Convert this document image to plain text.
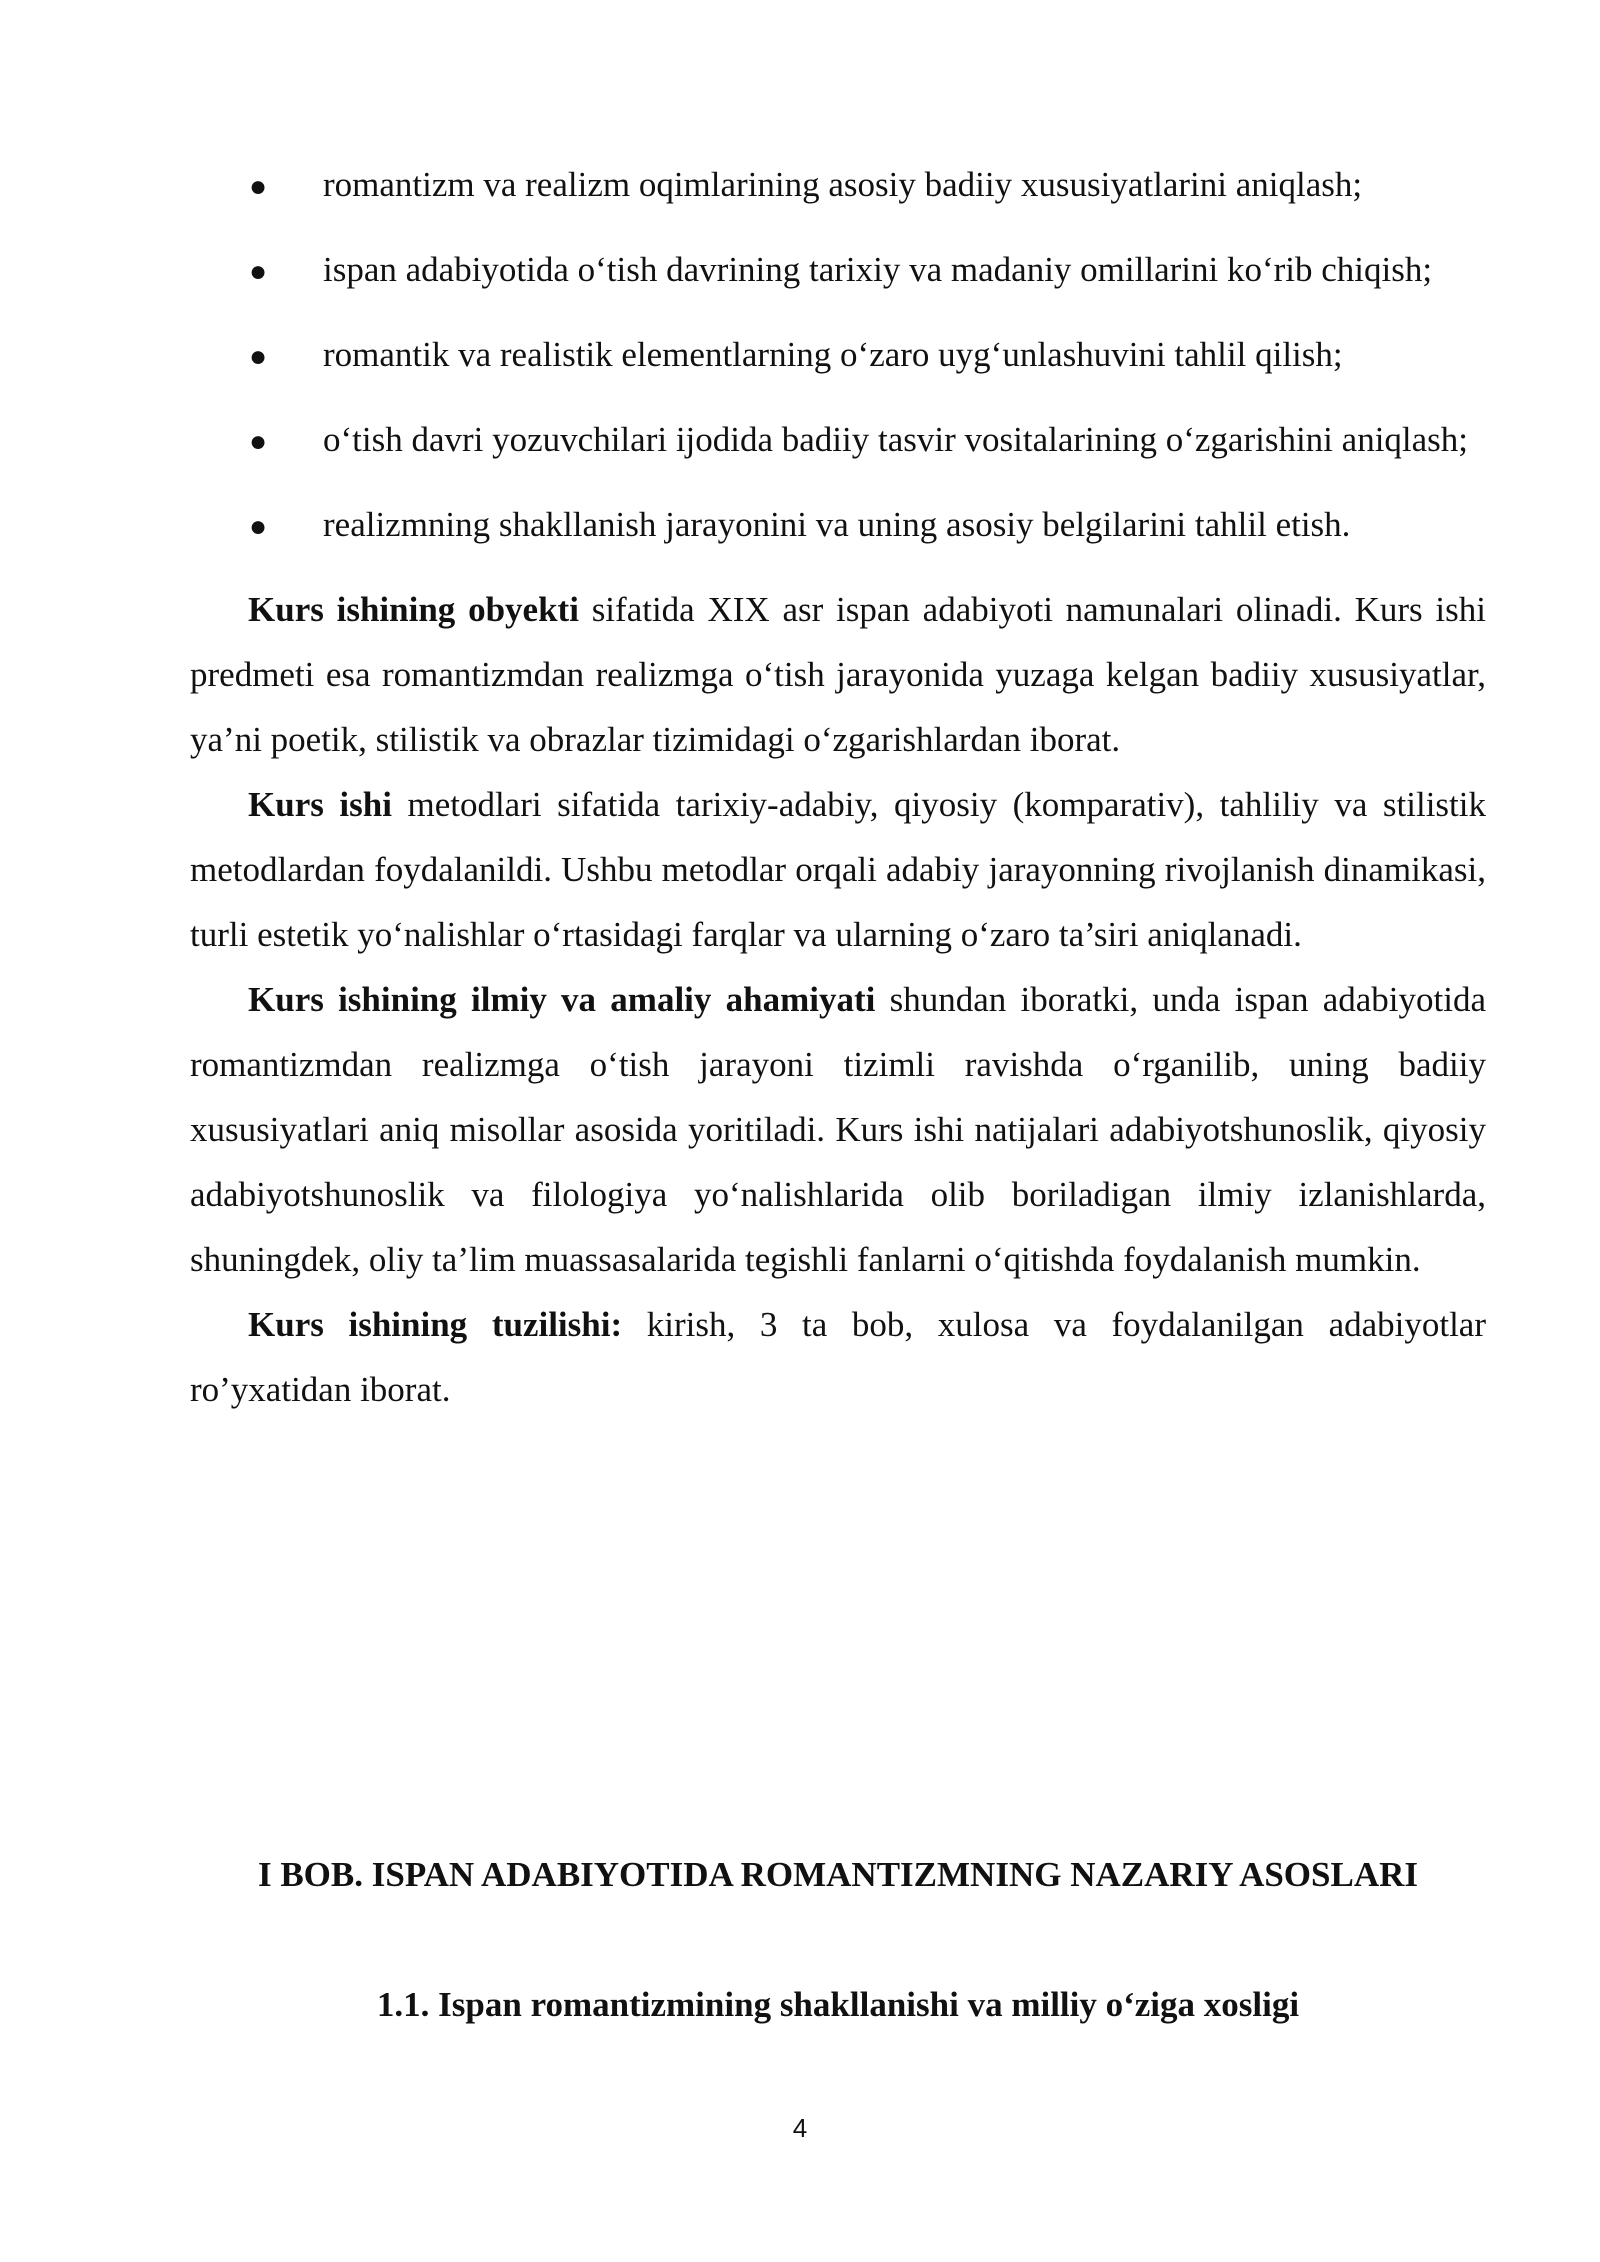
● romantizm va realizm oqimlarining asosiy badiiy xususiyatlarini aniqlash;

● ispan adabiyotida o‘tish davrining tarixiy va madaniy omillarini ko‘rib chiqish;

● romantik va realistik elementlarning o‘zaro uyg‘unlashuvini tahlil qilish;

● o‘tish davri yozuvchilari ijodida badiiy tasvir vositalarining o‘zgarishini aniqlash;

● realizmning shakllanish jarayonini va uning asosiy belgilarini tahlil etish.

Kurs ishining obyekti sifatida XIX asr ispan adabiyoti namunalari olinadi. Kurs ishi predmeti esa romantizmdan realizmga o‘tish jarayonida yuzaga kelgan badiiy xususiyatlar, ya’ni poetik, stilistik va obrazlar tizimidagi o‘zgarishlardan iborat.

Kurs ishi metodlari sifatida tarixiy-adabiy, qiyosiy (komparativ), tahliliy va stilistik metodlardan foydalanildi. Ushbu metodlar orqali adabiy jarayonning rivojlanish dinamikasi, turli estetik yo‘nalishlar o‘rtasidagi farqlar va ularning o‘zaro ta’siri aniqlanadi.

Kurs ishining ilmiy va amaliy ahamiyati shundan iboratki, unda ispan adabiyotida romantizmdan realizmga o‘tish jarayoni tizimli ravishda o‘rganilib, uning badiiy xususiyatlari aniq misollar asosida yoritiladi. Kurs ishi natijalari adabiyotshunoslik, qiyosiy adabiyotshunoslik va filologiya yo‘nalishlarida olib boriladigan ilmiy izlanishlarda, shuningdek, oliy ta’lim muassasalarida tegishli fanlarni o‘qitishda foydalanish mumkin.

Kurs ishining tuzilishi: kirish, 3 ta bob, xulosa va foydalanilgan adabiyotlar ro’yxatidan iborat.

I BOB. ISPAN ADABIYOTIDA ROMANTIZMNING NAZARIY ASOSLARI

1.1. Ispan romantizmining shakllanishi va milliy o‘ziga xosligi

4
